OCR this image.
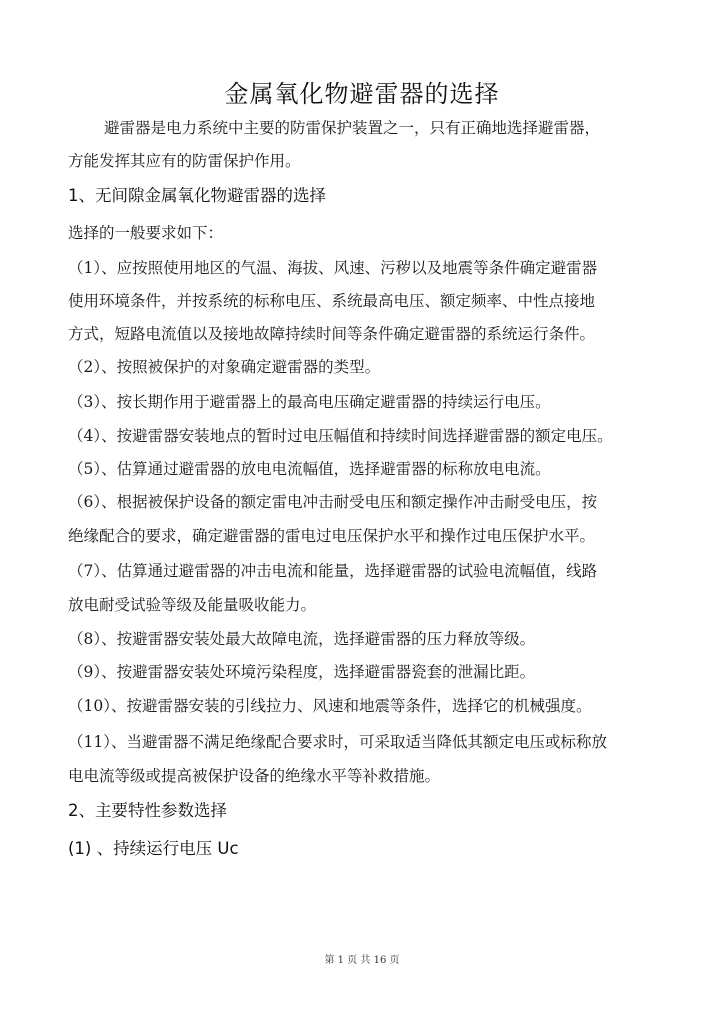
金属氧化物避雷器的选择
避雷器是电力系统中主要的防雷保护装置之一，只有正确地选择避雷器，
方能发挥其应有的防雷保护作用。
1、无间隙金属氧化物避雷器的选择
选择的一般要求如下：
（1）、应按照使用地区的气温、海拔、风速、污秽以及地震等条件确定避雷器
使用环境条件，并按系统的标称电压、系统最高电压、额定频率、中性点接地
方式，短路电流值以及接地故障持续时间等条件确定避雷器的系统运行条件。
（2）、按照被保护的对象确定避雷器的类型。
（3）、按长期作用于避雷器上的最高电压确定避雷器的持续运行电压。
（4）、按避雷器安装地点的暂时过电压幅值和持续时间选择避雷器的额定电压。
（5）、估算通过避雷器的放电电流幅值，选择避雷器的标称放电电流。
（6）、根据被保护设备的额定雷电冲击耐受电压和额定操作冲击耐受电压，按
绝缘配合的要求，确定避雷器的雷电过电压保护水平和操作过电压保护水平。
（7）、估算通过避雷器的冲击电流和能量，选择避雷器的试验电流幅值，线路
放电耐受试验等级及能量吸收能力。
（8）、按避雷器安装处最大故障电流，选择避雷器的压力释放等级。
（9）、按避雷器安装处环境污染程度，选择避雷器瓷套的泄漏比距。
（10）、按避雷器安装的引线拉力、风速和地震等条件，选择它的机械强度。
（11）、当避雷器不满足绝缘配合要求时，可采取适当降低其额定电压或标称放
电电流等级或提高被保护设备的绝缘水平等补救措施。
2、主要特性参数选择
(1) 、持续运行电压 Uc
第 1 页 共 16 页
